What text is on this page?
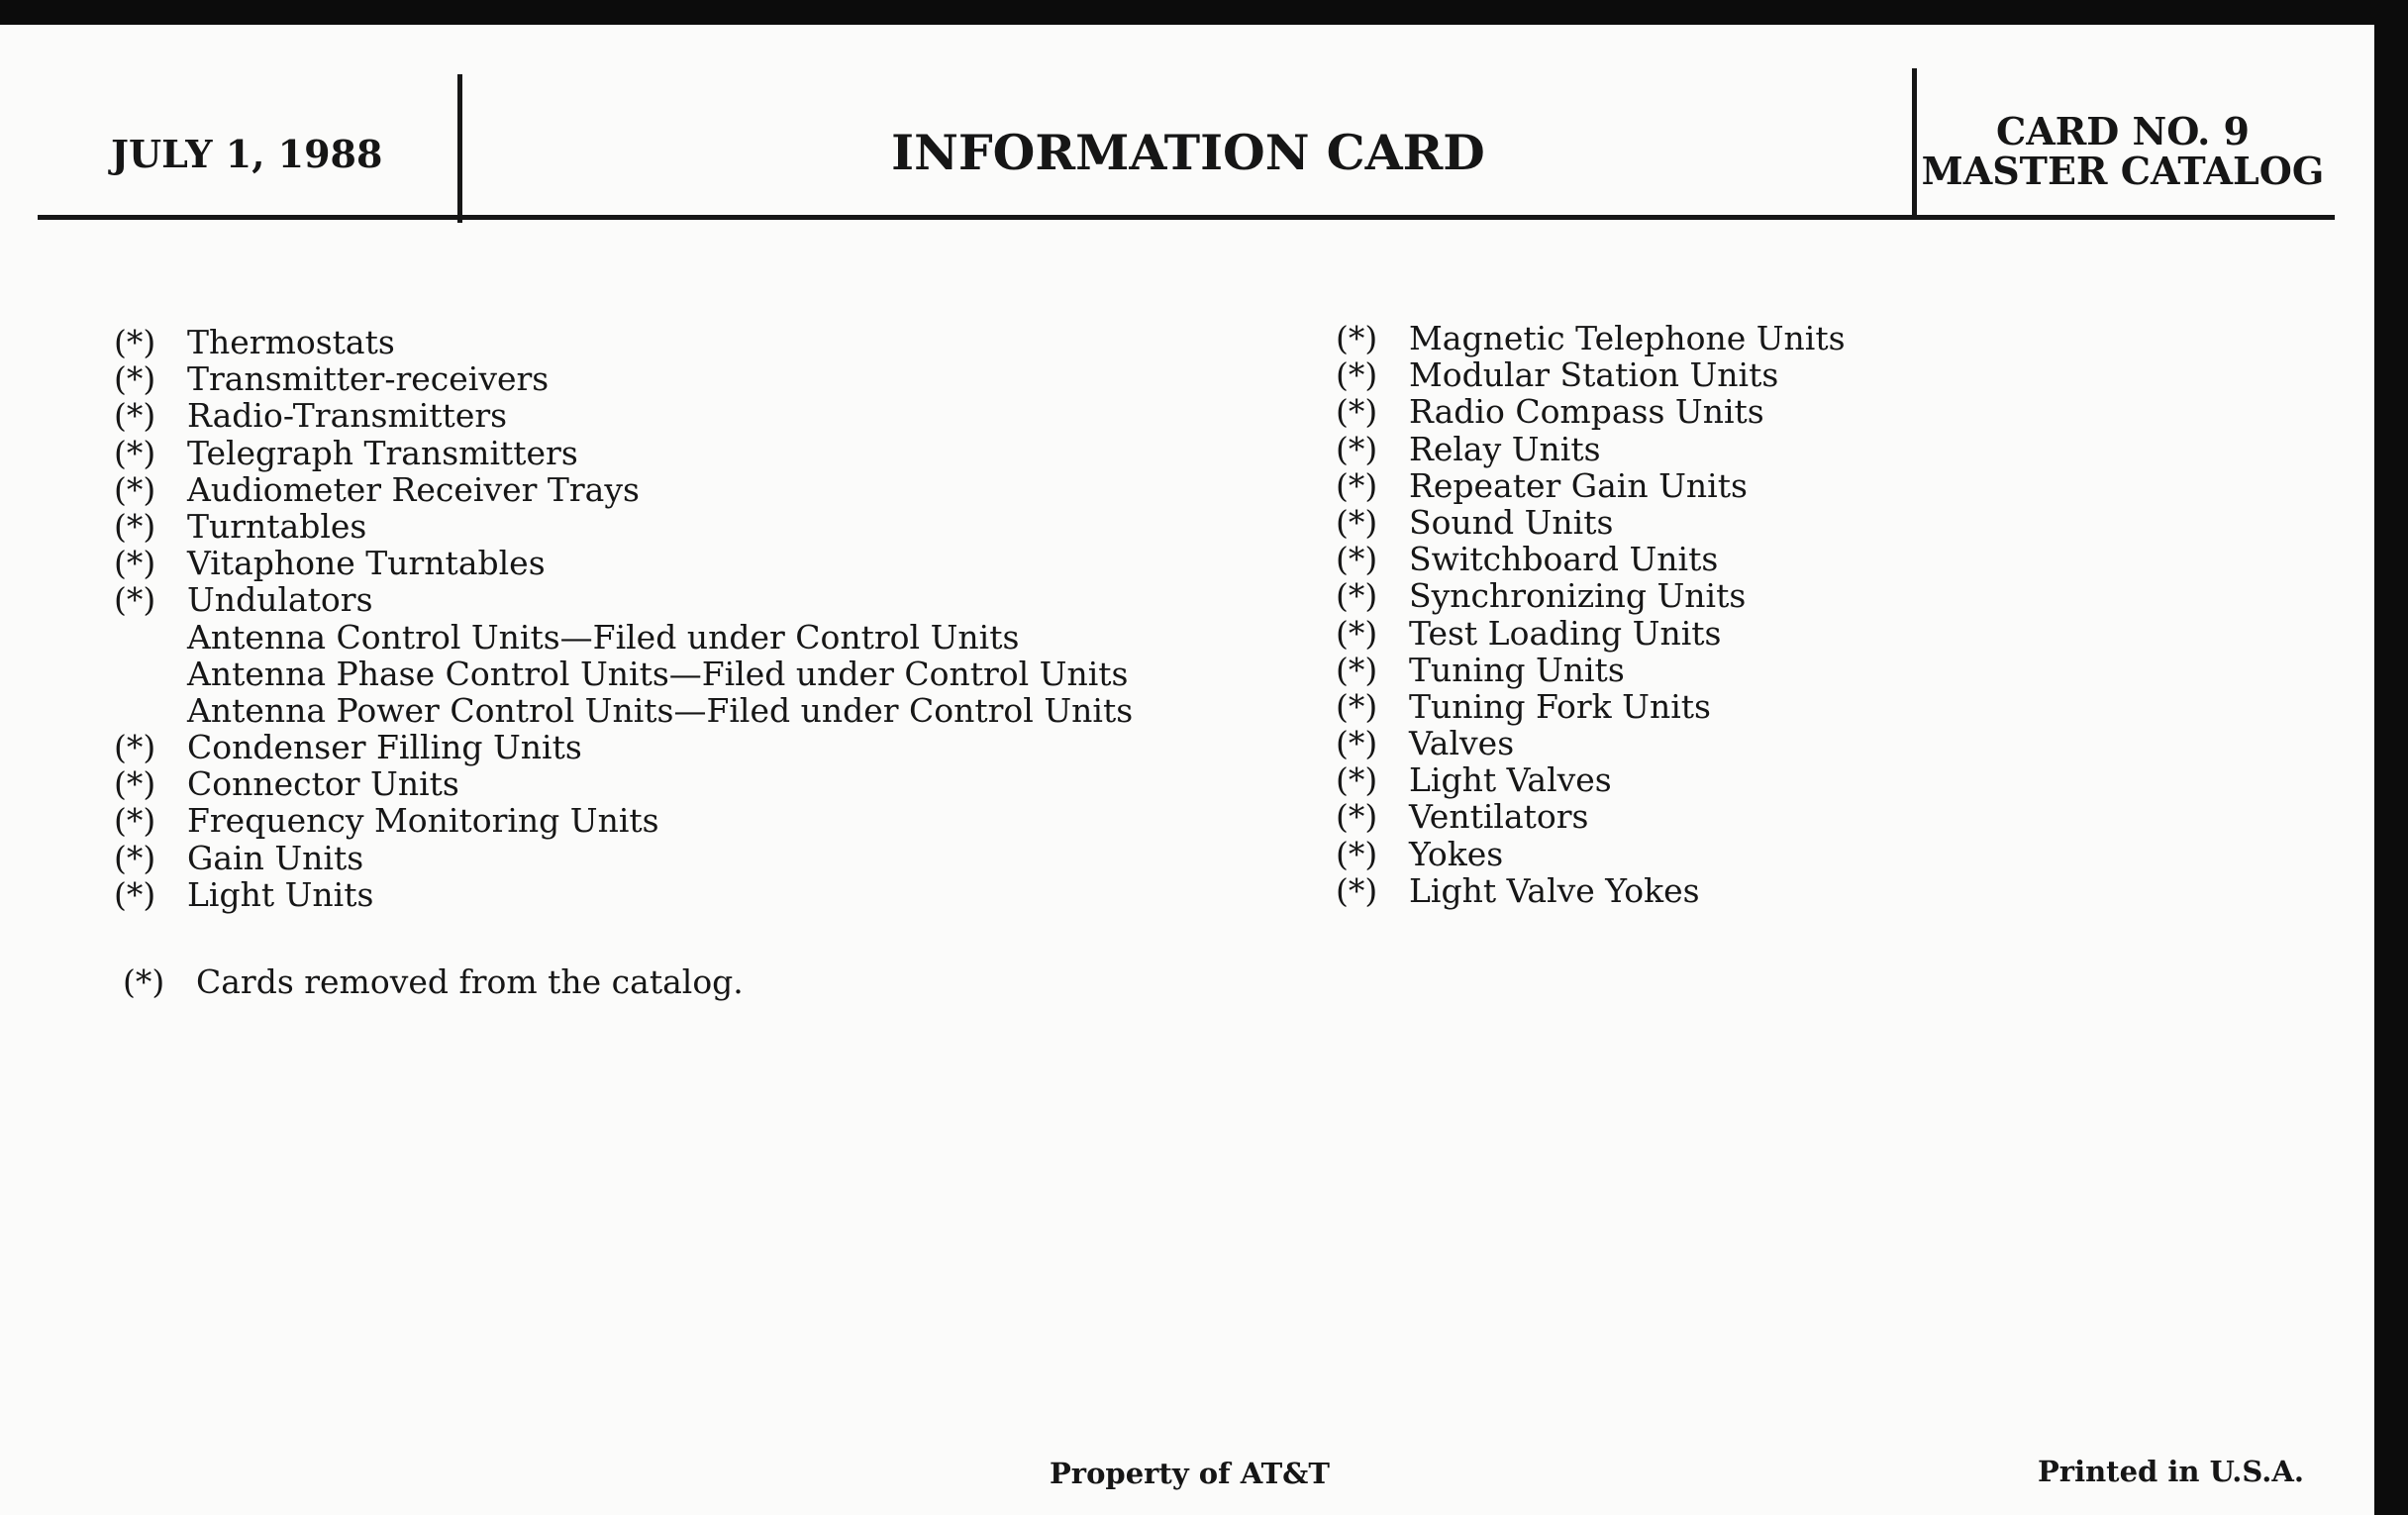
JULY 1, 1988	INFORMATION CARD	CARD NO. 9
MASTER CATALOG
(*) Thermostats
(*) Transmitter-receivers
(*) Radio-Transmitters
(*) Telegraph Transmitters
(*) Audiometer Receiver Trays
(*) Turntables
(*) Vitaphone Turntables
(*) Undulators
Antenna Control Units—Filed under Control Units
Antenna Phase Control Units—Filed under Control Units
Antenna Power Control Units—Filed under Control Units
(*) Condenser Filling Units
(*) Connector Units
(*) Frequency Monitoring Units
(*) Gain Units
(*) Light Units
(*) Magnetic Telephone Units
(*) Modular Station Units
(*) Radio Compass Units
(*) Relay Units
(*) Repeater Gain Units
(*) Sound Units
(*) Switchboard Units
(*) Synchronizing Units
(*) Test Loading Units
(*) Tuning Units
(*) Tuning Fork Units
(*) Valves
(*) Light Valves
(*) Ventilators
(*) Yokes
(*) Light Valve Yokes
(*) Cards removed from the catalog.
Property of AT&T	Printed in U.S.A.
